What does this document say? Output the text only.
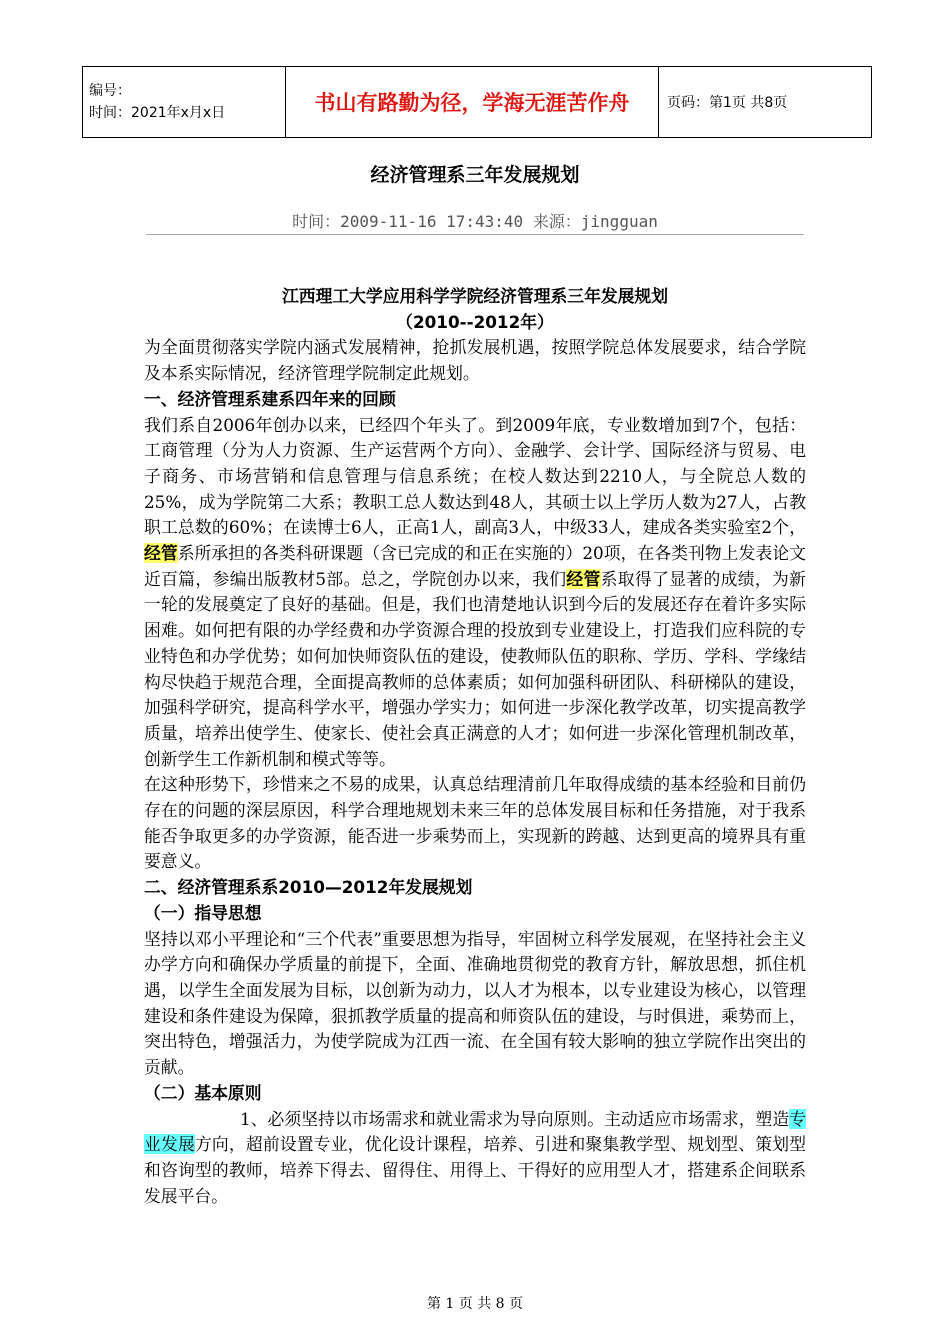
编号：
时间：2021年x月x日	书山有路勤为径，学海无涯苦作舟	页码：第1页 共8页
经济管理系三年发展规划
时间：2009-11-16 17:43:40 来源：jingguan
江西理工大学应用科学学院经济管理系三年发展规划
（2010--2012年）

为全面贯彻落实学院内涵式发展精神，抢抓发展机遇，按照学院总体发展要求，结合学院及本系实际情况，经济管理学院制定此规划。

一、经济管理系建系四年来的回顾

我们系自2006年创办以来，已经四个年头了。到2009年底，专业数增加到7个，包括：工商管理（分为人力资源、生产运营两个方向）、金融学、会计学、国际经济与贸易、电子商务、市场营销和信息管理与信息系统；在校人数达到2210人，与全院总人数的25%，成为学院第二大系；教职工总人数达到48人，其硕士以上学历人数为27人，占教职工总数的60%；在读博士6人，正高1人，副高3人，中级33人，建成各类实验室2个，经管系所承担的各类科研课题（含已完成的和正在实施的）20项，在各类刊物上发表论文近百篇，参编出版教材5部。总之，学院创办以来，我们经管系取得了显著的成绩，为新一轮的发展奠定了良好的基础。但是，我们也清楚地认识到今后的发展还存在着许多实际困难。如何把有限的办学经费和办学资源合理的投放到专业建设上，打造我们应科院的专业特色和办学优势；如何加快师资队伍的建设，使教师队伍的职称、学历、学科、学缘结构尽快趋于规范合理，全面提高教师的总体素质；如何加强科研团队、科研梯队的建设，加强科学研究，提高科学水平，增强办学实力；如何进一步深化教学改革，切实提高教学质量，培养出使学生、使家长、使社会真正满意的人才；如何进一步深化管理机制改革，创新学生工作新机制和模式等等。

在这种形势下，珍惜来之不易的成果，认真总结理清前几年取得成绩的基本经验和目前仍存在的问题的深层原因，科学合理地规划未来三年的总体发展目标和任务措施，对于我系能否争取更多的办学资源，能否进一步乘势而上，实现新的跨越、达到更高的境界具有重要意义。

二、经济管理系系2010—2012年发展规划
（一）指导思想

坚持以邓小平理论和“三个代表”重要思想为指导，牢固树立科学发展观，在坚持社会主义办学方向和确保办学质量的前提下，全面、准确地贯彻党的教育方针，解放思想，抓住机遇，以学生全面发展为目标，以创新为动力，以人才为根本，以专业建设为核心，以管理建设和条件建设为保障，狠抓教学质量的提高和师资队伍的建设，与时俱进，乘势而上，突出特色，增强活力，为使学院成为江西一流、在全国有较大影响的独立学院作出突出的贡献。

（二）基本原则

1、必须坚持以市场需求和就业需求为导向原则。主动适应市场需求，塑造专业发展方向，超前设置专业，优化设计课程，培养、引进和聚集教学型、规划型、策划型和咨询型的教师，培养下得去、留得住、用得上、干得好的应用型人才，搭建系企间联系发展平台。

第 1 页 共 8 页
